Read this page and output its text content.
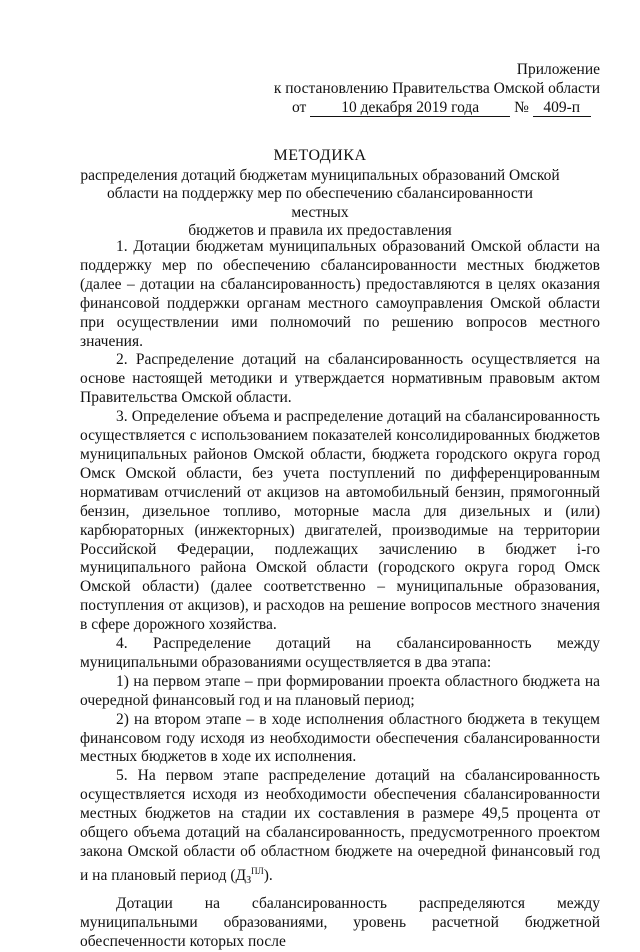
Приложение
к постановлению Правительства Омской области
от 10 декабря 2019 года № 409-п
МЕТОДИКА
распределения дотаций бюджетам муниципальных образований Омской
области на поддержку мер по обеспечению сбалансированности местных
бюджетов и правила их предоставления

1. Дотации бюджетам муниципальных образований Омской области на поддержку мер по обеспечению сбалансированности местных бюджетов (далее – дотации на сбалансированность) предоставляются в целях оказания финансовой поддержки органам местного самоуправления Омской области при осуществлении ими полномочий по решению вопросов местного значения.

2. Распределение дотаций на сбалансированность осуществляется на основе настоящей методики и утверждается нормативным правовым актом Правительства Омской области.

3. Определение объема и распределение дотаций на сбалансированность осуществляется с использованием показателей консолидированных бюджетов муниципальных районов Омской области, бюджета городского округа город Омск Омской области, без учета поступлений по дифференцированным нормативам отчислений от акцизов на автомобильный бензин, прямогонный бензин, дизельное топливо, моторные масла для дизельных и (или) карбюраторных (инжекторных) двигателей, производимые на территории Российской Федерации, подлежащих зачислению в бюджет i-го муниципального района Омской области (городского округа город Омск Омской области) (далее соответственно – муниципальные образования, поступления от акцизов), и расходов на решение вопросов местного значения в сфере дорожного хозяйства.

4. Распределение дотаций на сбалансированность между муниципальными образованиями осуществляется в два этапа:

1) на первом этапе – при формировании проекта областного бюджета на очередной финансовый год и на плановый период;

2) на втором этапе – в ходе исполнения областного бюджета в текущем финансовом году исходя из необходимости обеспечения сбалансированности местных бюджетов в ходе их исполнения.

5. На первом этапе распределение дотаций на сбалансированность осуществляется исходя из необходимости обеспечения сбалансированности местных бюджетов на стадии их составления в размере 49,5 процента от общего объема дотаций на сбалансированность, предусмотренного проектом закона Омской области об областном бюджете на очередной финансовый год и на плановый период $(Д_З^{ПЛ})$.

Дотации на сбалансированность распределяются между муниципальными образованиями, уровень расчетной бюджетной обеспеченности которых после
